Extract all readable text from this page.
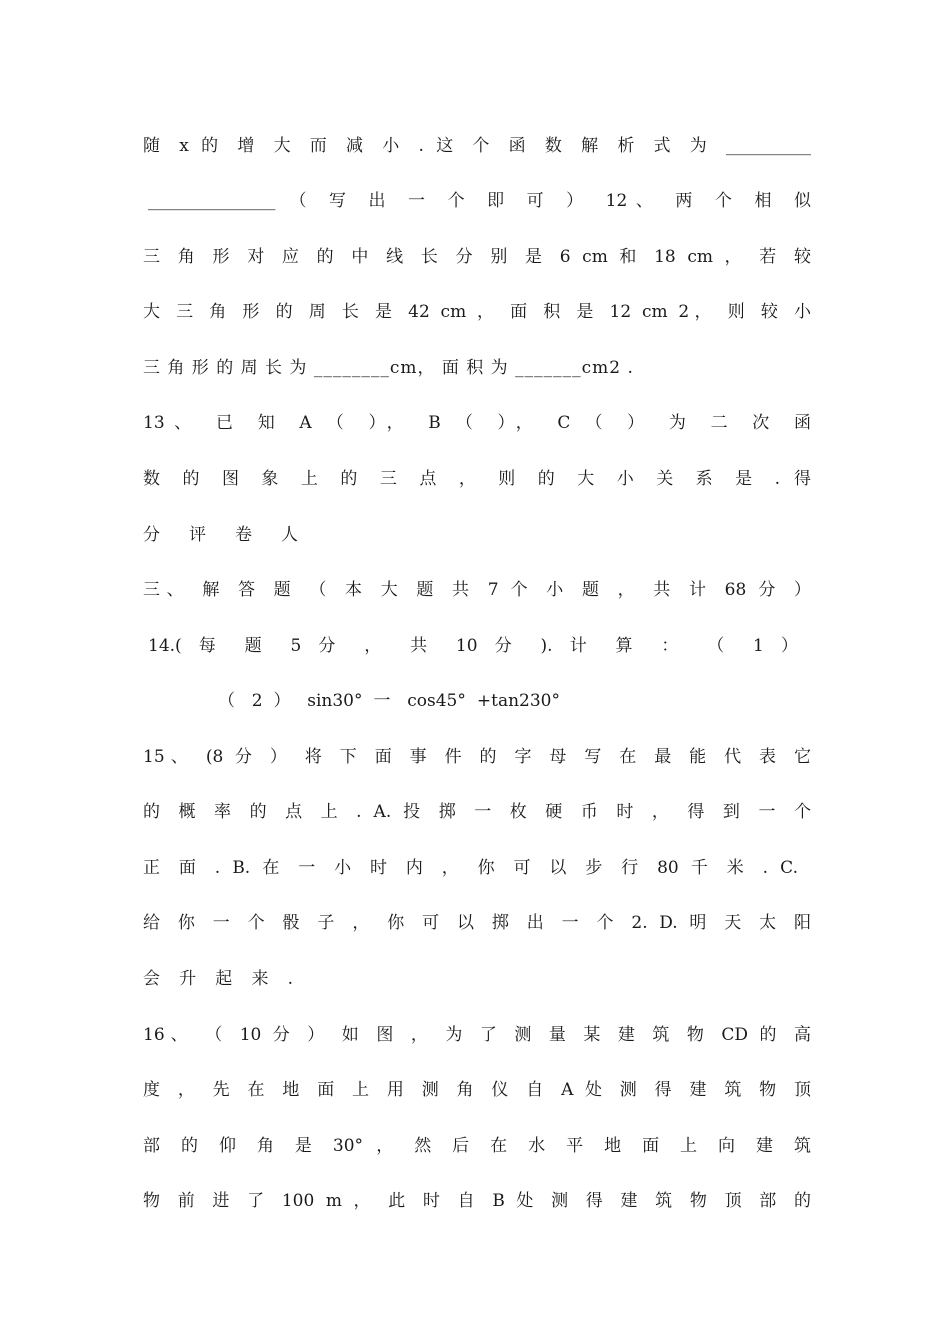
随 x 的 增 大 而 减 小 . 这 个 函 数 解 析 式 为 __________
_______________ （ 写 出 一 个 即 可 ） 12、 两 个 相 似
三 角 形 对 应 的 中 线 长 分 别 是 6 cm 和 18 cm ， 若 较
大 三 角 形 的 周 长 是 42 cm ， 面 积 是 12 cm 2， 则 较 小
三 角 形 的 周 长 为 ________cm， 面 积 为 _______cm2 .
13、 已 知 A （ ）， B （ ）， C （ ） 为 二 次 函
数 的 图 象 上 的 三 点 ， 则 的 大 小 关 系 是 . 得
分 评 卷 人
三、 解 答 题 （ 本 大 题 共 7 个 小 题 ， 共 计 68 分 ）
14.( 每 题 5 分 ， 共 10 分 ). 计 算 ： （ 1 ）
（ 2 ） sin30° 一 cos45° +tan230°
15、 (8 分 ） 将 下 面 事 件 的 字 母 写 在 最 能 代 表 它
的 概 率 的 点 上 . A. 投 掷 一 枚 硬 币 时 ， 得 到 一 个
正 面 . B. 在 一 小 时 内 ， 你 可 以 步 行 80 千 米 . C.
给 你 一 个 骰 子 ， 你 可 以 掷 出 一 个 2. D. 明 天 太 阳
会 升 起 来 .
16、 （ 10 分 ） 如 图 ， 为 了 测 量 某 建 筑 物 CD 的 高
度 ， 先 在 地 面 上 用 测 角 仪 自 A 处 测 得 建 筑 物 顶
部 的 仰 角 是 30° ， 然 后 在 水 平 地 面 上 向 建 筑
物 前 进 了 100 m ， 此 时 自 B 处 测 得 建 筑 物 顶 部 的
